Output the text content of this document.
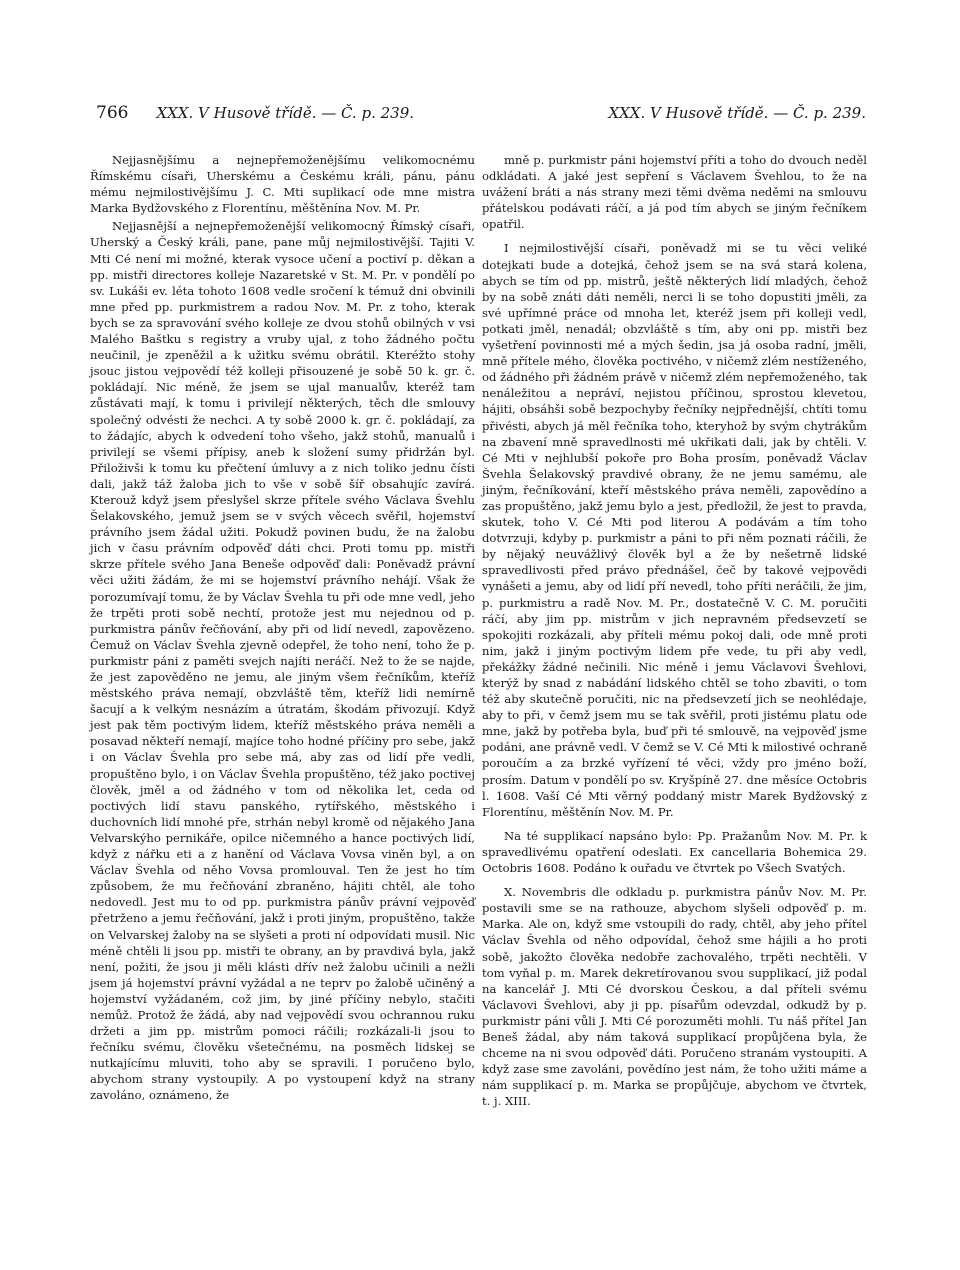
766 XXX. V Husově třídě. — Č. p. 239.	XXX. V Husově třídě. — Č. p. 239.

Nejjasnějšímu a nejnepřemoženějšímu velikomocnému Římskému císaři, Uherskému a Českému králi, pánu, pánu mému nejmilostivějšímu J. C. Mti suplikací ode mne mistra Marka Bydžovského z Florentínu, měštěnína Nov. M. Pr.

Nejjasnější a nejnepřemoženější velikomocný Římský císaři, Uherský a Český králi, pane, pane můj nejmilostivější. Tajiti V. Mti Cé není mi možné, kterak vysoce učení a poctiví p. děkan a pp. mistři directores kolleje Nazaretské v St. M. Pr. v pondělí po sv. Lukáši ev. léta tohoto 1608 vedle sročení k témuž dni obvinili mne před pp. purkmistrem a radou Nov. M. Pr. z toho, kterak bych se za spravování svého kolleje ze dvou stohů obilných v vsi Malého Baštku s registry a vruby ujal, z toho žádného počtu neučinil, je zpeněžil a k užitku svému obrátil. Kteréžto stohy jsouc jistou vejpovědí též kolleji přisouzené je sobě 50 k. gr. č. pokládají. Nic méně, že jsem se ujal manualův, kteréž tam zůstávati mají, k tomu i privilejí některých, těch dle smlouvy společný odvésti že nechci. A ty sobě 2000 k. gr. č. pokládají, za to žádajíc, abych k odvedení toho všeho, jakž stohů, manualů i privilejí se všemi přípisy, aneb k složení sumy přidržán byl. Přiloživši k tomu ku přečtení úmluvy a z nich toliko jednu čísti dali, jakž táž žaloba jich to vše v sobě šíř obsahujíc zavírá. Kterouž když jsem přeslyšel skrze přítele svého Václava Švehlu Šelakovského, jemuž jsem se v svých věcech svěřil, hojemství právního jsem žádal užiti. Pokudž povinen budu, že na žalobu jich v času právním odpověď dáti chci. Proti tomu pp. mistři skrze přítele svého Jana Beneše odpověď dali: Poněvadž právní věci užiti žádám, že mi se hojemství právního nehájí. Však že porozumívají tomu, že by Václav Švehla tu při ode mne vedl, jeho že trpěti proti sobě nechtí, protože jest mu nejednou od p. purkmistra pánův řečňování, aby při od lidí nevedl, zapovězeno. Čemuž on Václav Švehla zjevně odepřel, že toho není, toho že p. purkmistr páni z paměti svejch najíti neráčí. Než to že se najde, že jest zapověděno ne jemu, ale jiným všem řečníkům, kteříž městského práva nemají, obzvláště těm, kteříž lidi nemírně šacují a k velkým nesnázím a útratám, škodám přivozují. Když jest pak těm poctivým lidem, kteříž městského práva neměli a posavad někteří nemají, majíce toho hodné příčiny pro sebe, jakž i on Václav Švehla pro sebe má, aby zas od lidí pře vedli, propuštěno bylo, i on Václav Švehla propuštěno, též jako poctivej člověk, jměl a od žádného v tom od několika let, ceda od poctivých lidí stavu panského, rytířského, městského i duchovních lidí mnohé pře, strhán nebyl kromě od nějakého Jana Velvarskýho pernikáře, opilce ničemného a hance poctivých lidí, když z nářku eti a z hanění od Václava Vovsa viněn byl, a on Václav Švehla od něho Vovsa promlouval. Ten že jest ho tím způsobem, že mu řečňování zbraněno, hájiti chtěl, ale toho nedovedl. Jest mu to od pp. purkmistra pánův právní vejpověď přetrženo a jemu řečňování, jakž i proti jiným, propuštěno, takže on Velvarskej žaloby na se slyšeti a proti ní odpovídati musil. Nic méně chtěli li jsou pp. mistři te obrany, an by pravdivá byla, jakž není, požiti, že jsou ji měli klásti dřív než žalobu učinili a nežli jsem já hojemství právní vyžádal a ne teprv po žalobě učiněný a hojemství vyžádaném, což jim, by jiné příčiny nebylo, stačiti nemůž. Protož že žádá, aby nad vejpovědí svou ochrannou ruku držeti a jim pp. mistrům pomoci ráčili; rozkázali-li jsou to řečníku svému, člověku všetečnému, na posměch lidskej se nutkajícímu mluviti, toho aby se spravili. I poručeno bylo, abychom strany vystoupily. A po vystoupení když na strany zavoláno, oznámeno, že

mně p. purkmistr páni hojemství příti a toho do dvouch neděl odkládati. A jaké jest sepření s Václavem Švehlou, to že na uvážení bráti a nás strany mezi těmi dvěma neděmi na smlouvu přátelskou podávati ráčí, a já pod tím abych se jiným řečníkem opatřil.

I nejmilostivější císaři, poněvadž mi se tu věci veliké dotejkati bude a dotejká, čehož jsem se na svá stará kolena, abych se tím od pp. mistrů, ještě některých lidí mladých, čehož by na sobě znáti dáti neměli, nerci li se toho dopustiti jměli, za své upřímné práce od mnoha let, kteréž jsem při kolleji vedl, potkati jměl, nenadál; obzvláště s tím, aby oni pp. mistři bez vyšetření povinnosti mé a mých šedin, jsa já osoba radní, jměli, mně přítele mého, člověka poctivého, v ničemž zlém nestíženého, od žádného při žádném právě v ničemž zlém nepřemoženého, tak nenáležitou a nepráví, nejistou příčinou, sprostou klevetou, hájiti, obsáhši sobě bezpochyby řečníky nejpřednější, chtíti tomu přivésti, abych já měl řečníka toho, kteryhož by svým chytrákům na zbavení mně spravedlnosti mé ukřikati dali, jak by chtěli. V. Cé Mti v nejhlubší pokoře pro Boha prosím, poněvadž Václav Švehla Šelakovský pravdivé obrany, že ne jemu samému, ale jiným, řečníkování, kteří městského práva neměli, zapovědíno a zas propuštěno, jakž jemu bylo a jest, předložil, že jest to pravda, skutek, toho V. Cé Mti pod literou A podávám a tím toho dotvrzuji, kdyby p. purkmistr a páni to při něm poznati ráčili, že by nějaký neuvážlivý člověk byl a že by nešetrně lidské spravedlivosti před právo přednášel, čeč by takové vejpovědi vynášeti a jemu, aby od lidí pří nevedl, toho příti neráčili, že jim, p. purkmistru a radě Nov. M. Pr., dostatečně V. C. M. poručiti ráčí, aby jim pp. mistrům v jich nepravném předsevzetí se spokojiti rozkázali, aby příteli mému pokoj dali, ode mně proti nim, jakž i jiným poctivým lidem pře vede, tu při aby vedl, překážky žádné nečinili. Nic méně i jemu Václavovi Švehlovi, kterýž by snad z nabádání lidského chtěl se toho zbaviti, o tom též aby skutečně poručiti, nic na předsevzetí jich se neohlédaje, aby to při, v čemž jsem mu se tak svěřil, proti jistému platu ode mne, jakž by potřeba byla, buď při té smlouvě, na vejpověď jsme podáni, ane právně vedl. V čemž se V. Cé Mti k milostivé ochraně poroučím a za brzké vyřízení té věci, vždy pro jméno boží, prosím. Datum v pondělí po sv. Kryšpíně 27. dne měsíce Octobris l. 1608. Vaší Cé Mti věrný poddaný mistr Marek Bydžovský z Florentínu, měštěnín Nov. M. Pr.

Na té supplikací napsáno bylo: Pp. Pražanům Nov. M. Pr. k spravedlivému opatření odeslati. Ex cancellaria Bohemica 29. Octobris 1608. Podáno k ouřadu ve čtvrtek po Všech Svatých.

X. Novembris dle odkladu p. purkmistra pánův Nov. M. Pr. postavili sme se na rathouze, abychom slyšeli odpověď p. m. Marka. Ale on, když sme vstoupili do rady, chtěl, aby jeho přítel Václav Švehla od něho odpovídal, čehož sme hájili a ho proti sobě, jakožto člověka nedobře zachovalého, trpěti nechtěli. V tom vyňal p. m. Marek dekretírovanou svou supplikací, již podal na kancelář J. Mti Cé dvorskou Českou, a dal příteli svému Václavovi Švehlovi, aby ji pp. písařům odevzdal, odkudž by p. purkmistr páni vůli J. Mti Cé porozuměti mohli. Tu náš přítel Jan Beneš žádal, aby nám taková supplikací propůjčena byla, že chceme na ni svou odpověď dáti. Poručeno stranám vystoupiti. A když zase sme zavoláni, povědíno jest nám, že toho užiti máme a nám supplikací p. m. Marka se propůjčuje, abychom ve čtvrtek, t. j. XIII.
